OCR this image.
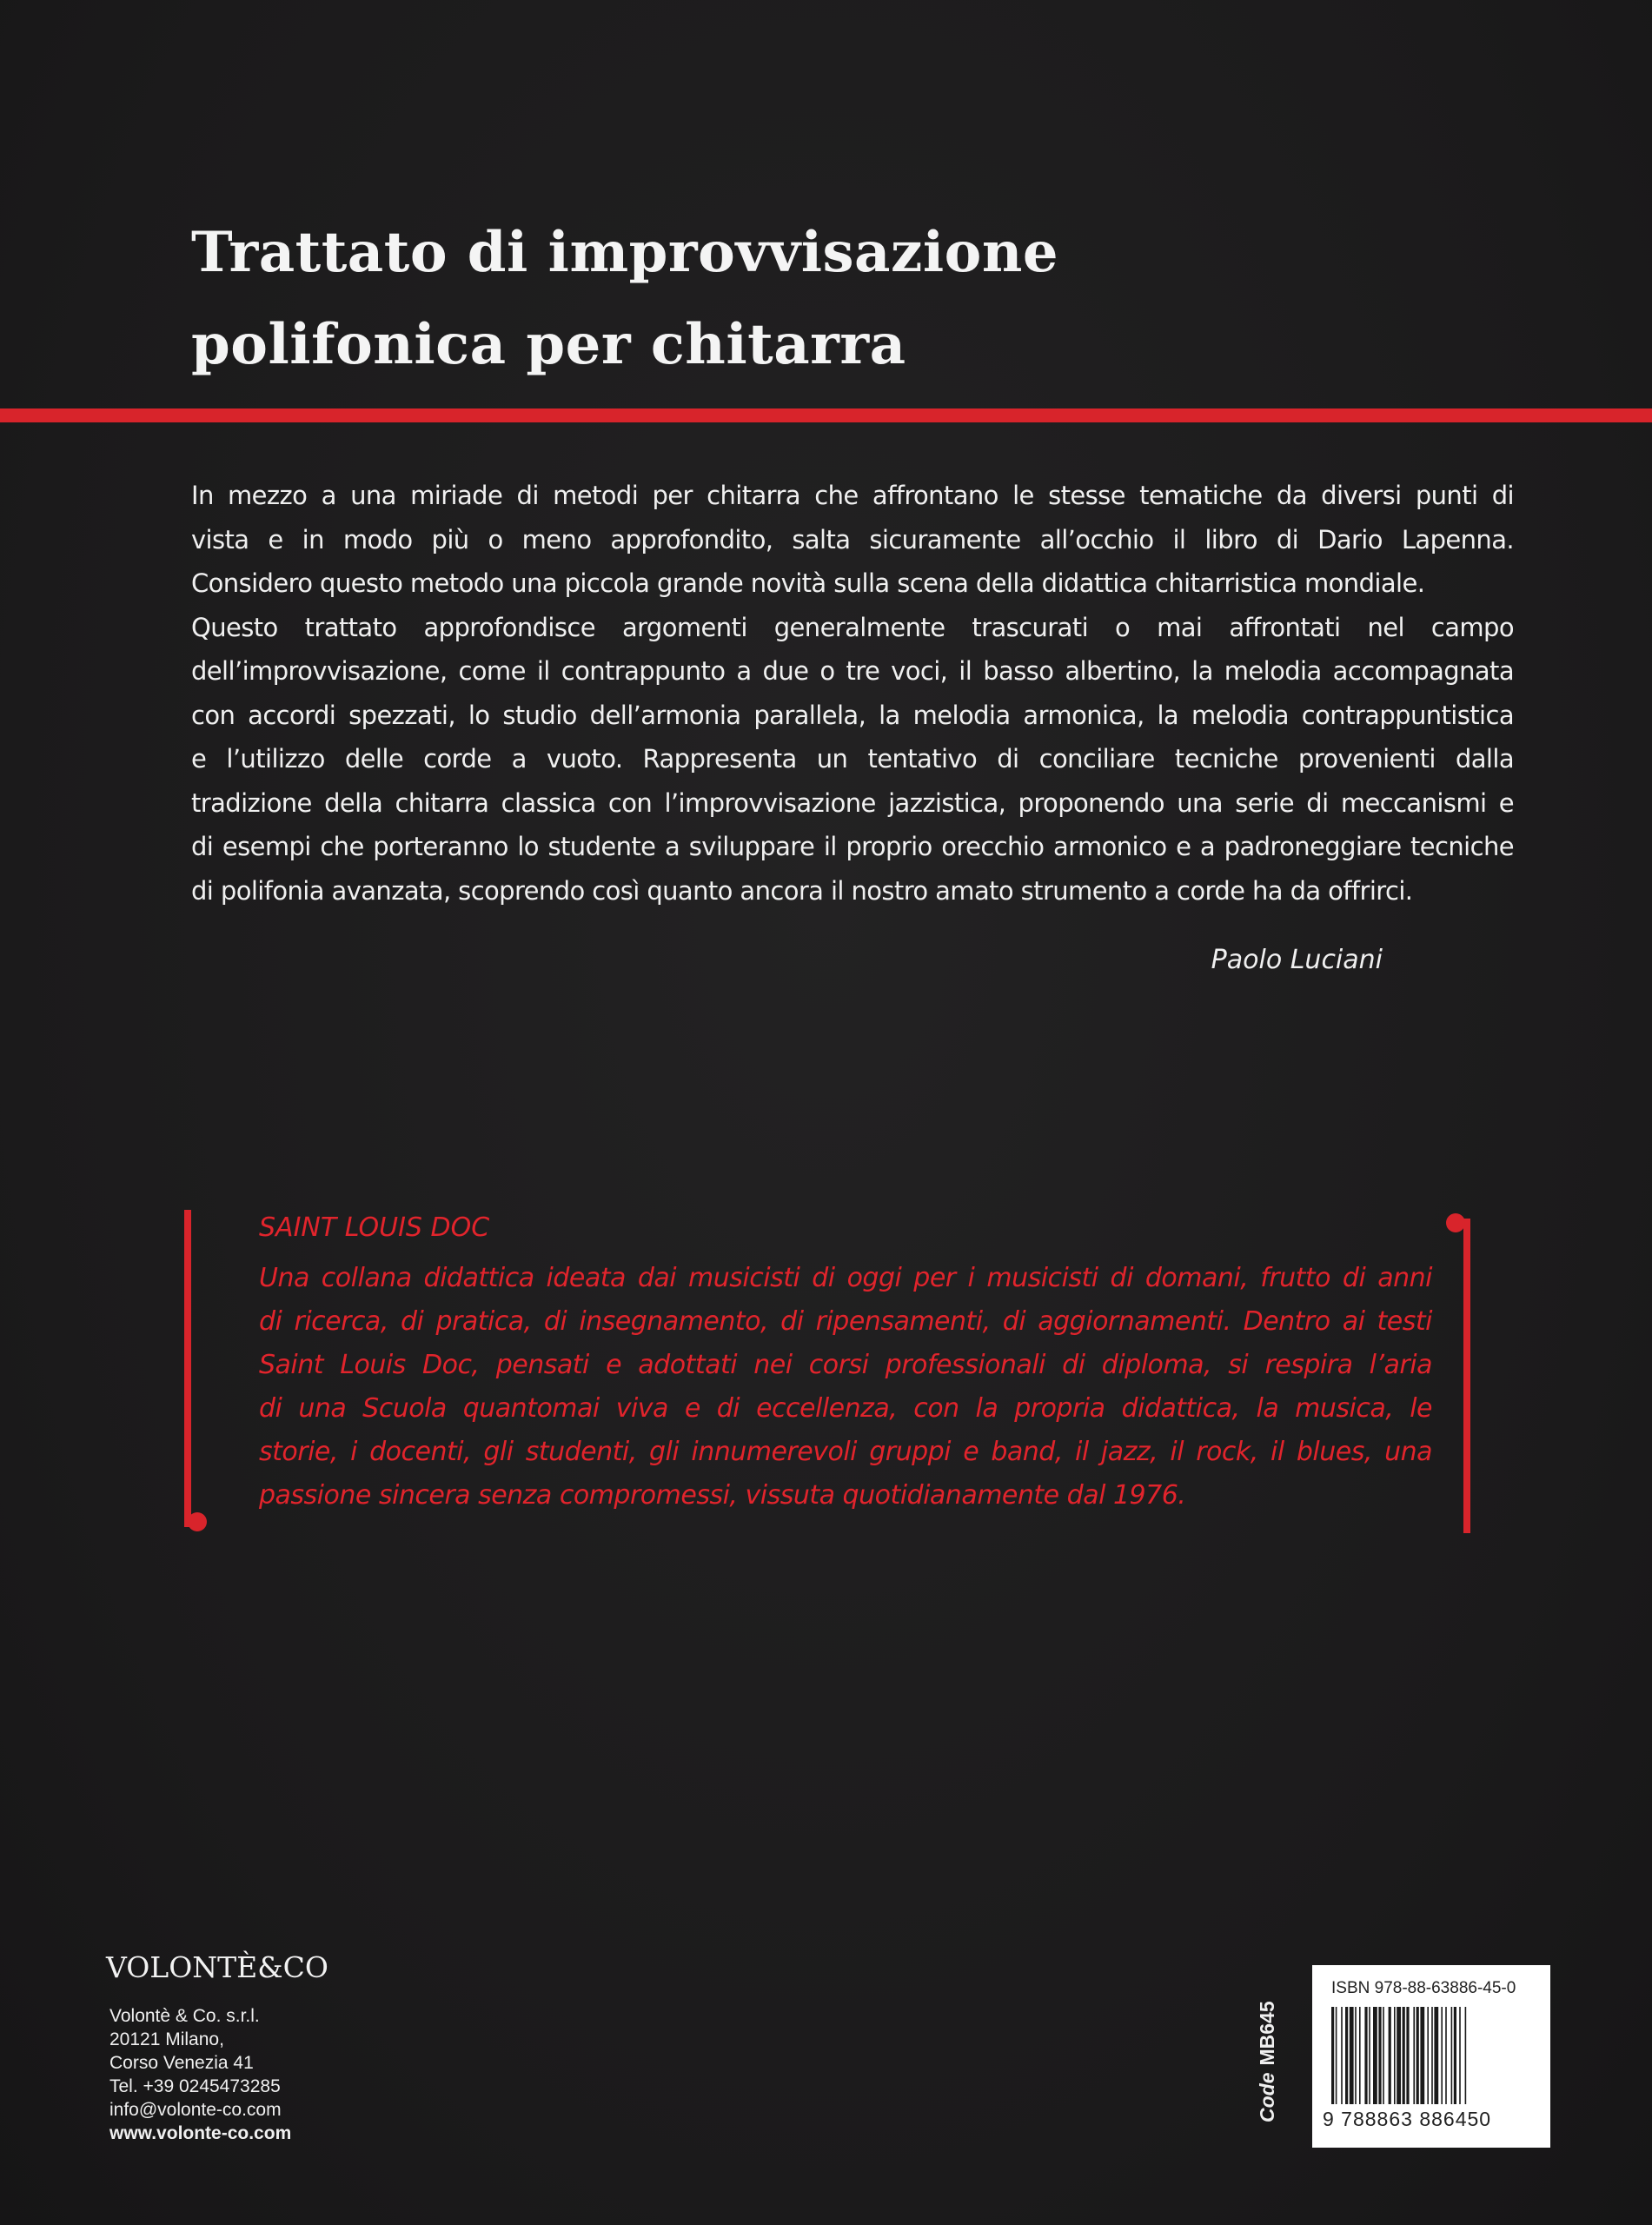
Trattato di improvvisazione
polifonica per chitarra
In mezzo a una miriade di metodi per chitarra che affrontano le stesse tematiche da diversi punti di
vista e in modo più o meno approfondito, salta sicuramente all’occhio il libro di Dario Lapenna.
Considero questo metodo una piccola grande novità sulla scena della didattica chitarristica mondiale.
Questo trattato approfondisce argomenti generalmente trascurati o mai affrontati nel campo
dell’improvvisazione, come il contrappunto a due o tre voci, il basso albertino, la melodia accompagnata
con accordi spezzati, lo studio dell’armonia parallela, la melodia armonica, la melodia contrappuntistica
e l’utilizzo delle corde a vuoto. Rappresenta un tentativo di conciliare tecniche provenienti dalla
tradizione della chitarra classica con l’improvvisazione jazzistica, proponendo una serie di meccanismi e
di esempi che porteranno lo studente a sviluppare il proprio orecchio armonico e a padroneggiare tecniche
di polifonia avanzata, scoprendo così quanto ancora il nostro amato strumento a corde ha da offrirci.
Paolo Luciani
SAINT LOUIS DOC
Una collana didattica ideata dai musicisti di oggi per i musicisti di domani, frutto di anni
di ricerca, di pratica, di insegnamento, di ripensamenti, di aggiornamenti. Dentro ai testi
Saint Louis Doc, pensati e adottati nei corsi professionali di diploma, si respira l’aria
di una Scuola quantomai viva e di eccellenza, con la propria didattica, la musica, le
storie, i docenti, gli studenti, gli innumerevoli gruppi e band, il jazz, il rock, il blues, una
passione sincera senza compromessi, vissuta quotidianamente dal 1976.
VOLONTÈ&CO
Volontè & Co. s.r.l.
20121 Milano,
Corso Venezia 41
Tel. +39 0245473285
info@volonte-co.com
www.volonte-co.com
CodeMB645
ISBN 978-88-63886-45-0
9 788863 886450
